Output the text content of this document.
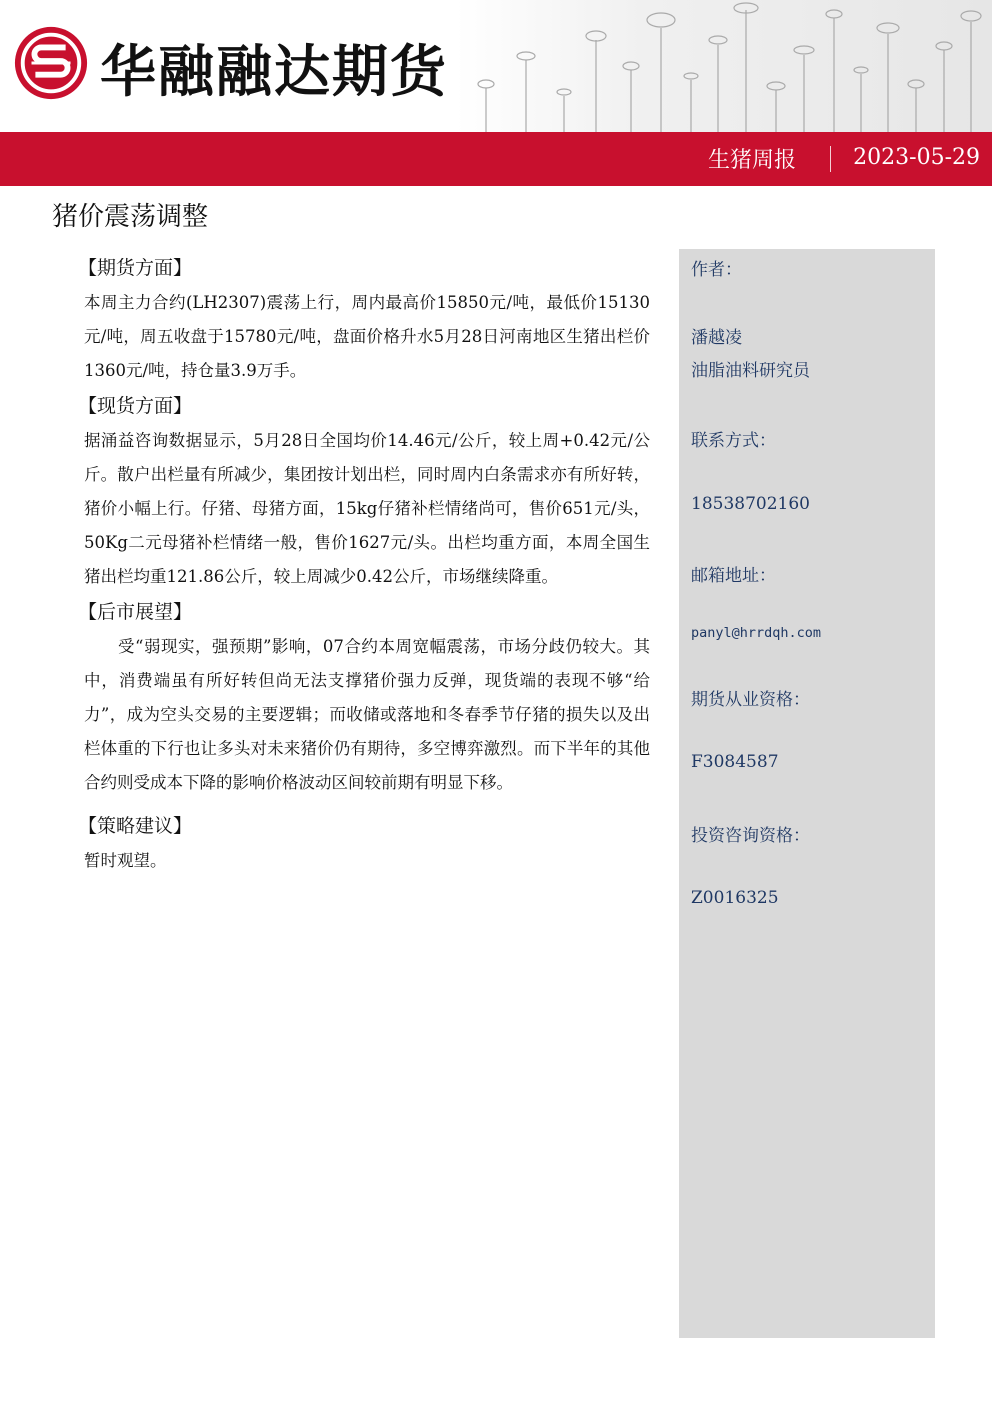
华融融达期货
生猪周报	2023-05-29
猪价震荡调整
【期货方面】

本周主力合约(LH2307)震荡上行，周内最高价15850元/吨，最低价15130元/吨，周五收盘于15780元/吨，盘面价格升水5月28日河南地区生猪出栏价1360元/吨，持仓量3.9万手。

【现货方面】

据涌益咨询数据显示，5月28日全国均价14.46元/公斤，较上周+0.42元/公斤。散户出栏量有所减少，集团按计划出栏，同时周内白条需求亦有所好转，猪价小幅上行。仔猪、母猪方面，15kg仔猪补栏情绪尚可，售价651元/头，50Kg二元母猪补栏情绪一般，售价1627元/头。出栏均重方面，本周全国生猪出栏均重121.86公斤，较上周减少0.42公斤，市场继续降重。

【后市展望】

　　受“弱现实，强预期”影响，07合约本周宽幅震荡，市场分歧仍较大。其中，消费端虽有所好转但尚无法支撑猪价强力反弹，现货端的表现不够“给力”，成为空头交易的主要逻辑；而收储或落地和冬春季节仔猪的损失以及出栏体重的下行也让多头对未来猪价仍有期待，多空博弈激烈。而下半年的其他合约则受成本下降的影响价格波动区间较前期有明显下移。

【策略建议】

暂时观望。

作者：
潘越凌
油脂油料研究员
联系方式：
18538702160
邮箱地址：
panyl@hrrdqh.com
期货从业资格：
F3084587
投资咨询资格：
Z0016325
